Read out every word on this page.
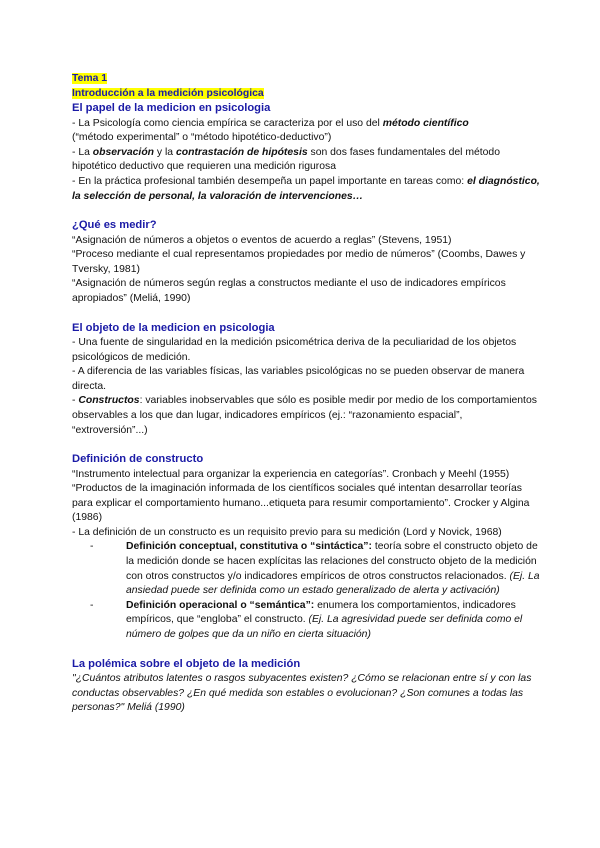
Tema 1
Introducción a la medición psicológica
El papel de la medicion en psicologia

- La Psicología como ciencia empírica se caracteriza por el uso del método científico
(“método experimental” o “método hipotético-deductivo”)

- La observación y la contrastación de hipótesis son dos fases fundamentales del método hipotético deductivo que requieren una medición rigurosa

- En la práctica profesional también desempeña un papel importante en tareas como: el diagnóstico, la selección de personal, la valoración de intervenciones…

¿Qué es medir?

“Asignación de números a objetos o eventos de acuerdo a reglas” (Stevens, 1951)

“Proceso mediante el cual representamos propiedades por medio de números” (Coombs, Dawes y Tversky, 1981)

“Asignación de números según reglas a constructos mediante el uso de indicadores empíricos apropiados” (Meliá, 1990)

El objeto de la medicion en psicologia

- Una fuente de singularidad en la medición psicométrica deriva de la peculiaridad de los objetos psicológicos de medición.

- A diferencia de las variables físicas, las variables psicológicas no se pueden observar de manera directa.

- Constructos: variables inobservables que sólo es posible medir por medio de los comportamientos observables a los que dan lugar, indicadores empíricos (ej.: “razonamiento espacial”, “extroversión”...)

Definición de constructo

“Instrumento intelectual para organizar la experiencia en categorías”. Cronbach y Meehl (1955)

“Productos de la imaginación informada de los científicos sociales qué intentan desarrollar teorías para explicar el comportamiento humano...etiqueta para resumir comportamiento”. Crocker y Algina (1986)

- La definición de un constructo es un requisito previo para su medición (Lord y Novick, 1968)

-	Definición conceptual, constitutiva o “sintáctica”: teoría sobre el constructo objeto de la medición donde se hacen explícitas las relaciones del constructo objeto de la medición con otros constructos y/o indicadores empíricos de otros constructos relacionados. (Ej. La ansiedad puede ser definida como un estado generalizado de alerta y activación)
-	Definición operacional o “semántica”: enumera los comportamientos, indicadores empíricos, que “engloba” el constructo. (Ej. La agresividad puede ser definida como el número de golpes que da un niño en cierta situación)
La polémica sobre el objeto de la medición

"¿Cuántos atributos latentes o rasgos subyacentes existen? ¿Cómo se relacionan entre sí y con las conductas observables? ¿En qué medida son estables o evolucionan? ¿Son comunes a todas las personas?" Meliá (1990)
